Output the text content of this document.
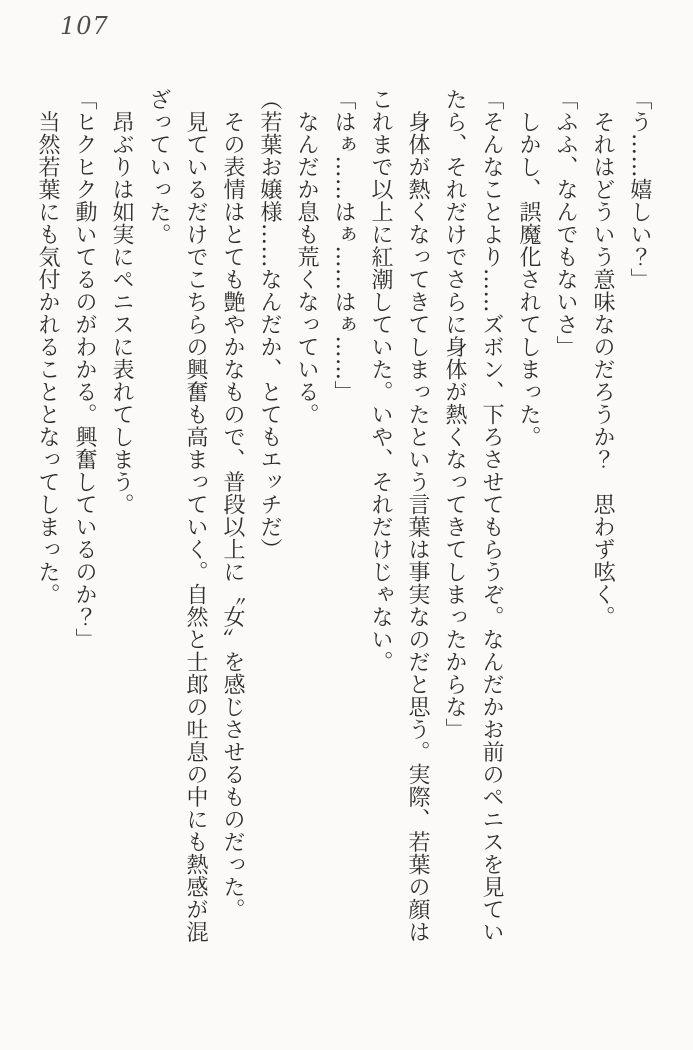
107
「う……嬉しい？」
　それはどういう意味なのだろうか？　思わず呟く。
「ふふ、なんでもないさ」
　しかし、誤魔化されてしまった。
「そんなことより……ズボン、下ろさせてもらうぞ。なんだかお前のペニスを見てい
たら、それだけでさらに身体が熱くなってきてしまったからな」
　身体が熱くなってきてしまったという言葉は事実なのだと思う。実際、若葉の顔は
これまで以上に紅潮していた。いや、それだけじゃない。
「はぁ……はぁ……はぁ……」
　なんだか息も荒くなっている。
（若葉お嬢様……なんだか、とてもエッチだ）
　その表情はとても艶やかなもので、普段以上に〝女〟を感じさせるものだった。
　見ているだけでこちらの興奮も高まっていく。自然と士郎の吐息の中にも熱感が混
ざっていった。
　昂ぶりは如実にペニスに表れてしまう。
「ヒクヒク動いてるのがわかる。興奮しているのか？」
　当然若葉にも気付かれることとなってしまった。
